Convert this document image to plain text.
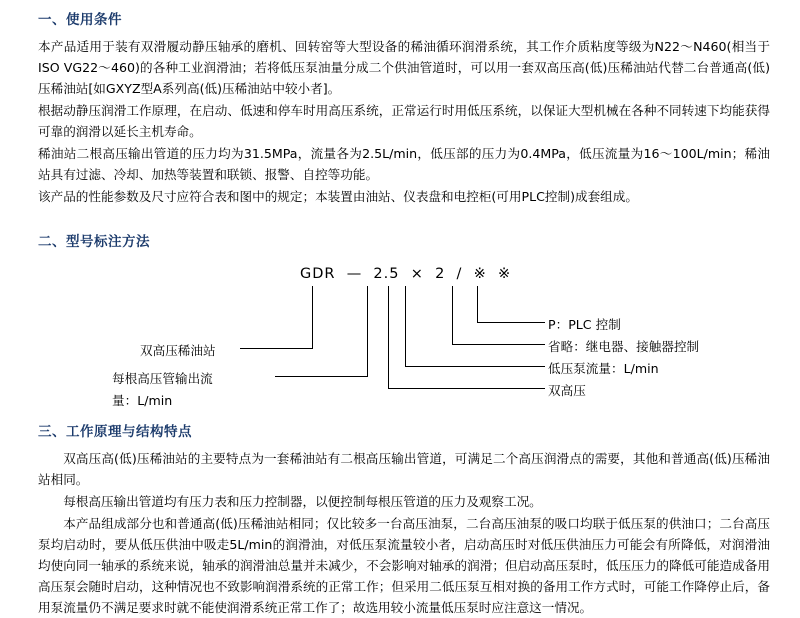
一、使用条件

本产品适用于装有双滑履动静压轴承的磨机、回转窑等大型设备的稀油循环润滑系统，其工作介质粘度等级为N22～N460(相当于ISO VG22～460)的各种工业润滑油；若将低压泵油量分成二个供油管道时，可以用一套双高压高(低)压稀油站代替二台普通高(低)压稀油站[如GXYZ型A系列高(低)压稀油站中较小者]。

根据动静压润滑工作原理，在启动、低速和停车时用高压系统，正常运行时用低压系统，以保证大型机械在各种不同转速下均能获得可靠的润滑以延长主机寿命。

稀油站二根高压输出管道的压力均为31.5MPa，流量各为2.5L/min，低压部的压力为0.4MPa，低压流量为16～100L/min；稀油站具有过滤、冷却、加热等装置和联锁、报警、自控等功能。

该产品的性能参数及尺寸应符合表和图中的规定；本装置由油站、仪表盘和电控柜(可用PLC控制)成套组成。

二、型号标注方法
GDR — 2.5 × 2 / ※ ※
双高压稀油站
每根高压管输出流
量：L/min
P：PLC 控制
省略：继电器、接触器控制
低压泵流量：L/min
双高压
三、工作原理与结构特点

双高压高(低)压稀油站的主要特点为一套稀油站有二根高压输出管道，可满足二个高压润滑点的需要，其他和普通高(低)压稀油站相同。

每根高压输出管道均有压力表和压力控制器，以便控制每根压管道的压力及观察工况。

本产品组成部分也和普通高(低)压稀油站相同；仅比较多一台高压油泵，二台高压油泵的吸口均联于低压泵的供油口；二台高压泵均启动时，要从低压供油中吸走5L/min的润滑油，对低压泵流量较小者，启动高压时对低压供油压力可能会有所降低，对润滑油均使向同一轴承的系统来说，轴承的润滑油总量并未减少，不会影响对轴承的润滑；但启动高压泵时，低压压力的降低可能造成备用高压泵会随时启动，这种情况也不致影响润滑系统的正常工作；但采用二低压泵互相对换的备用工作方式时，可能工作降停止后，备用泵流量仍不满足要求时就不能使润滑系统正常工作了；故选用较小流量低压泵时应注意这一情况。
